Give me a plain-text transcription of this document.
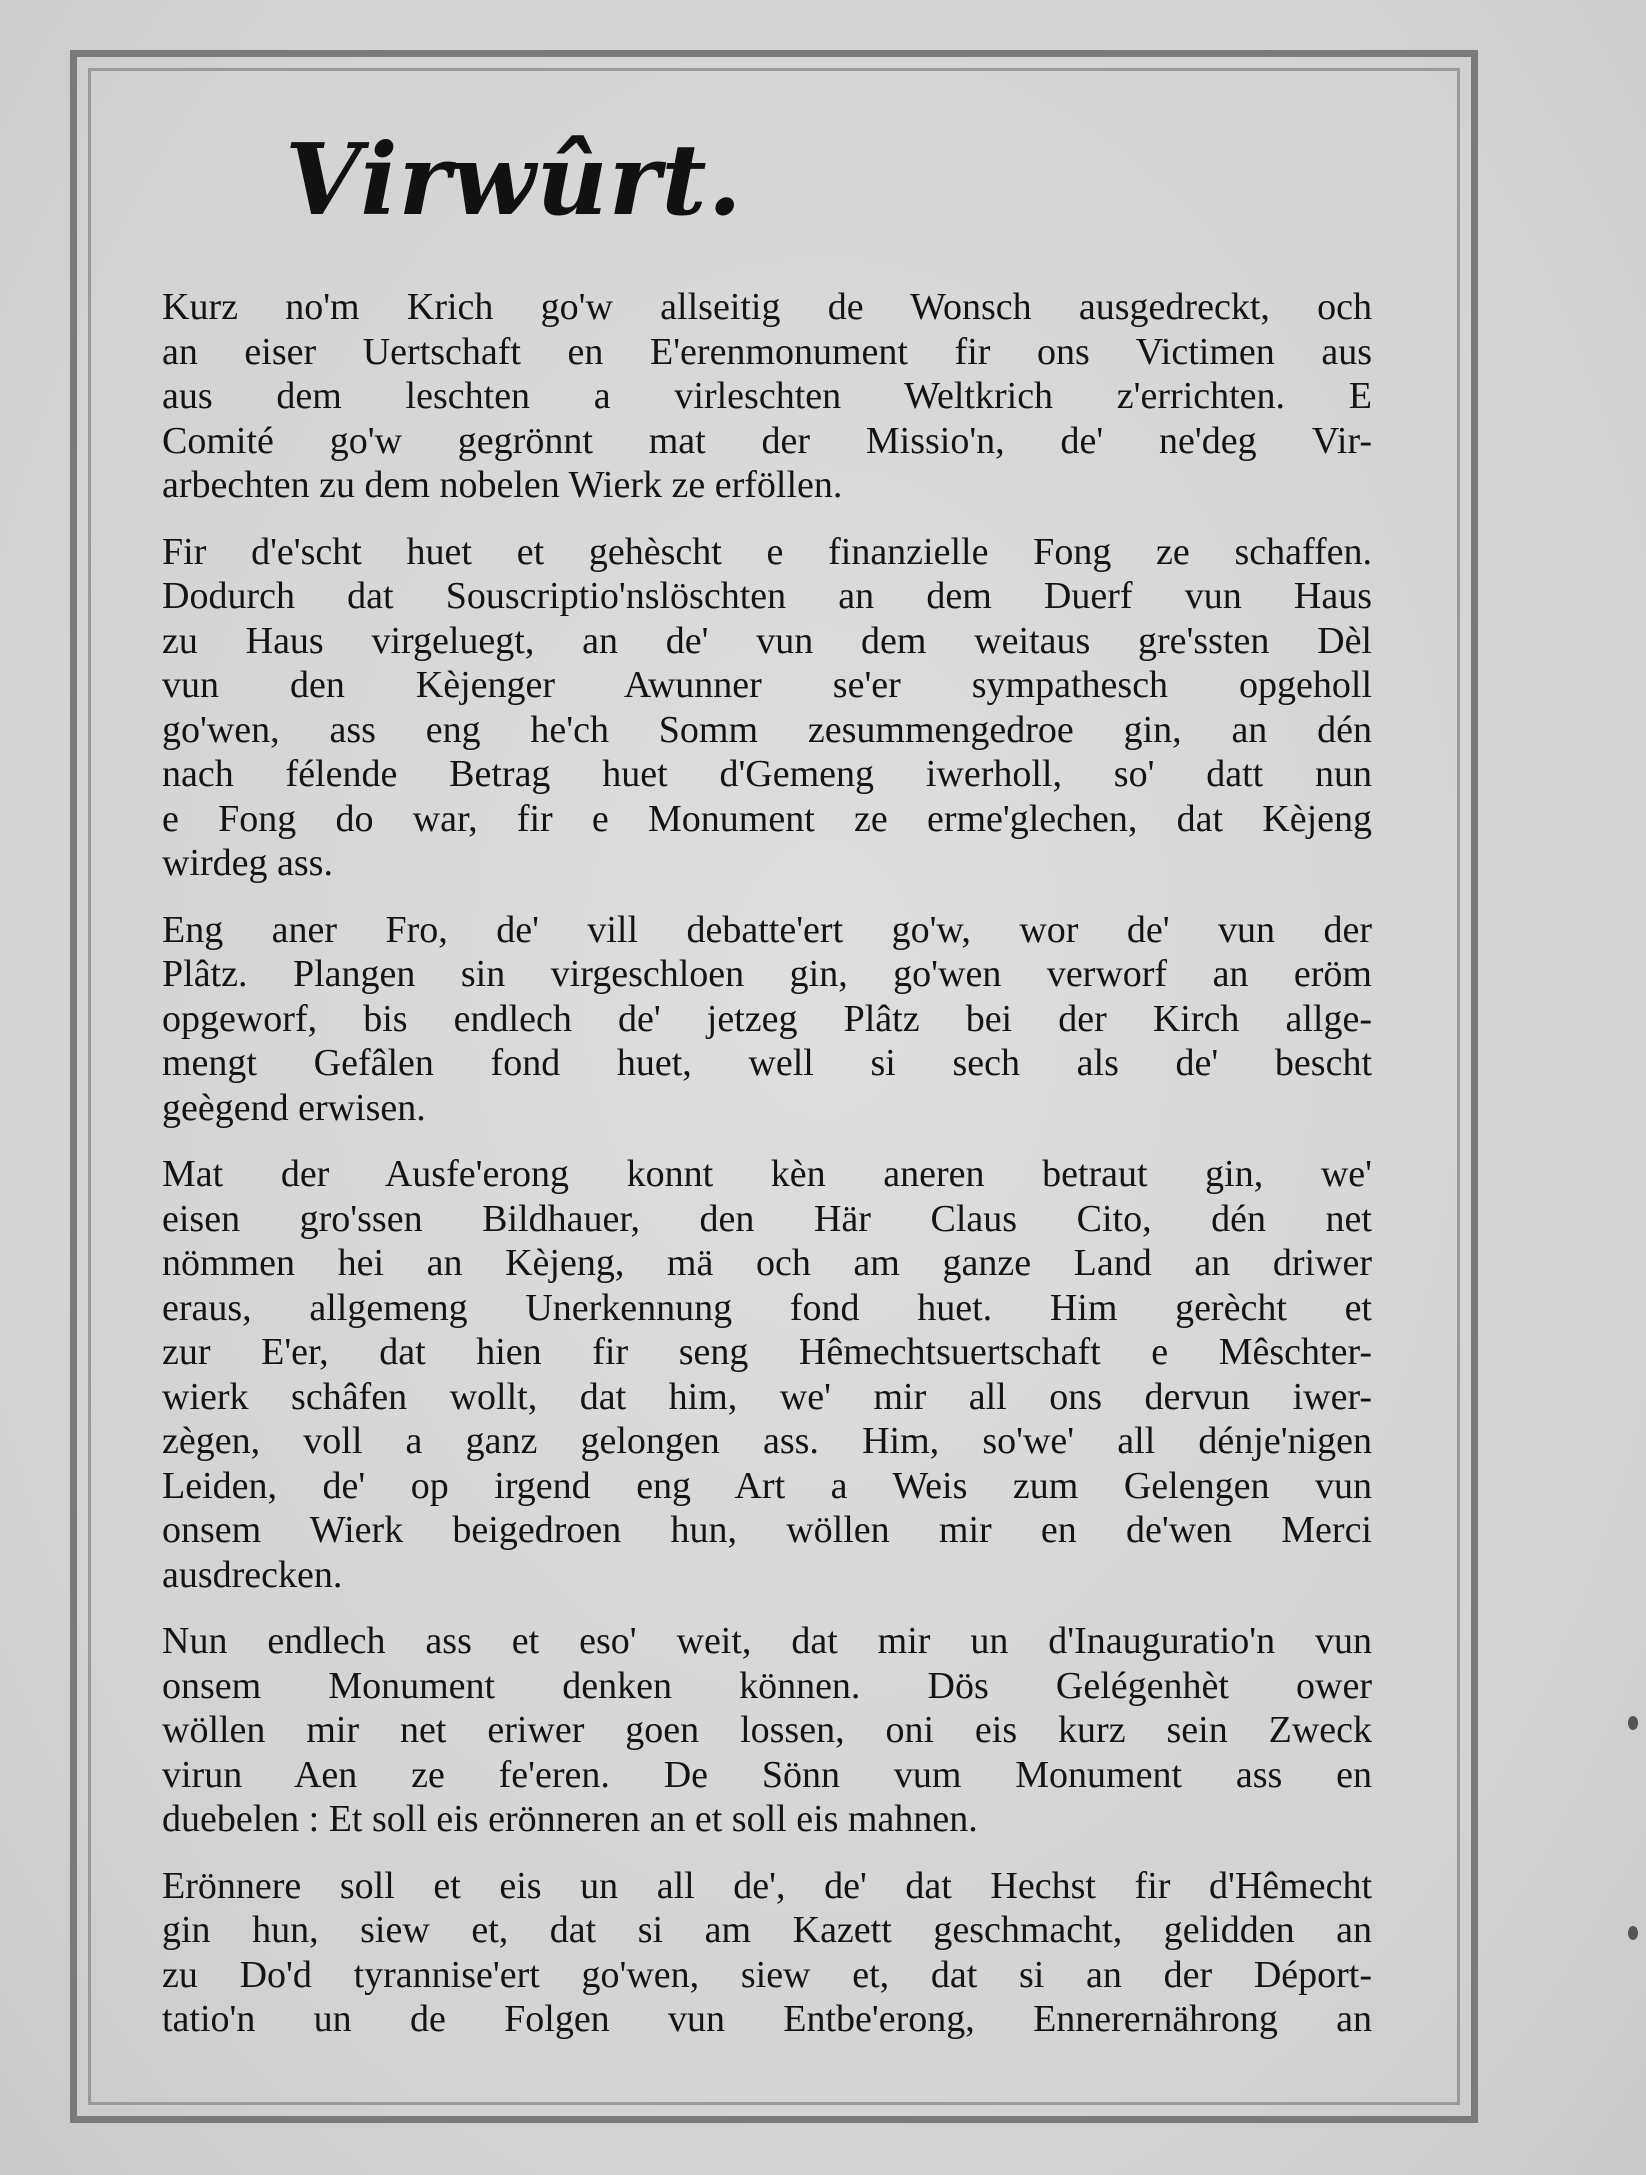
Virwûrt.

Kurz no'm Krich go'w allseitig de Wonsch ausgedreckt, och
an eiser Uertschaft en E'erenmonument fir ons Victimen aus
aus dem leschten a virleschten Weltkrich z'errichten. E
Comité go'w gegrönnt mat der Missio'n, de' ne'deg Vir-
arbechten zu dem nobelen Wierk ze erföllen.

Fir d'e'scht huet et gehèscht e finanzielle Fong ze schaffen.
Dodurch dat Souscriptio'nslöschten an dem Duerf vun Haus
zu Haus virgeluegt, an de' vun dem weitaus gre'ssten Dèl
vun den Kèjenger Awunner se'er sympathesch opgeholl
go'wen, ass eng he'ch Somm zesummengedroe gin, an dén
nach félende Betrag huet d'Gemeng iwerholl, so' datt nun
e Fong do war, fir e Monument ze erme'glechen, dat Kèjeng
wirdeg ass.

Eng aner Fro, de' vill debatte'ert go'w, wor de' vun der
Plâtz. Plangen sin virgeschloen gin, go'wen verworf an eröm
opgeworf, bis endlech de' jetzeg Plâtz bei der Kirch allge-
mengt Gefâlen fond huet, well si sech als de' bescht
geègend erwisen.

Mat der Ausfe'erong konnt kèn aneren betraut gin, we'
eisen gro'ssen Bildhauer, den Här Claus Cito, dén net
nömmen hei an Kèjeng, mä och am ganze Land an driwer
eraus, allgemeng Unerkennung fond huet. Him gerècht et
zur E'er, dat hien fir seng Hêmechtsuertschaft e Mêschter-
wierk schâfen wollt, dat him, we' mir all ons dervun iwer-
zègen, voll a ganz gelongen ass. Him, so'we' all dénje'nigen
Leiden, de' op irgend eng Art a Weis zum Gelengen vun
onsem Wierk beigedroen hun, wöllen mir en de'wen Merci
ausdrecken.

Nun endlech ass et eso' weit, dat mir un d'Inauguratio'n vun
onsem Monument denken können. Dös Gelégenhèt ower
wöllen mir net eriwer goen lossen, oni eis kurz sein Zweck
virun Aen ze fe'eren. De Sönn vum Monument ass en
duebelen : Et soll eis erönneren an et soll eis mahnen.

Erönnere soll et eis un all de', de' dat Hechst fir d'Hêmecht
gin hun, siew et, dat si am Kazett geschmacht, gelidden an
zu Do'd tyrannise'ert go'wen, siew et, dat si an der Déport-
tatio'n un de Folgen vun Entbe'erong, Ennerernährong an
